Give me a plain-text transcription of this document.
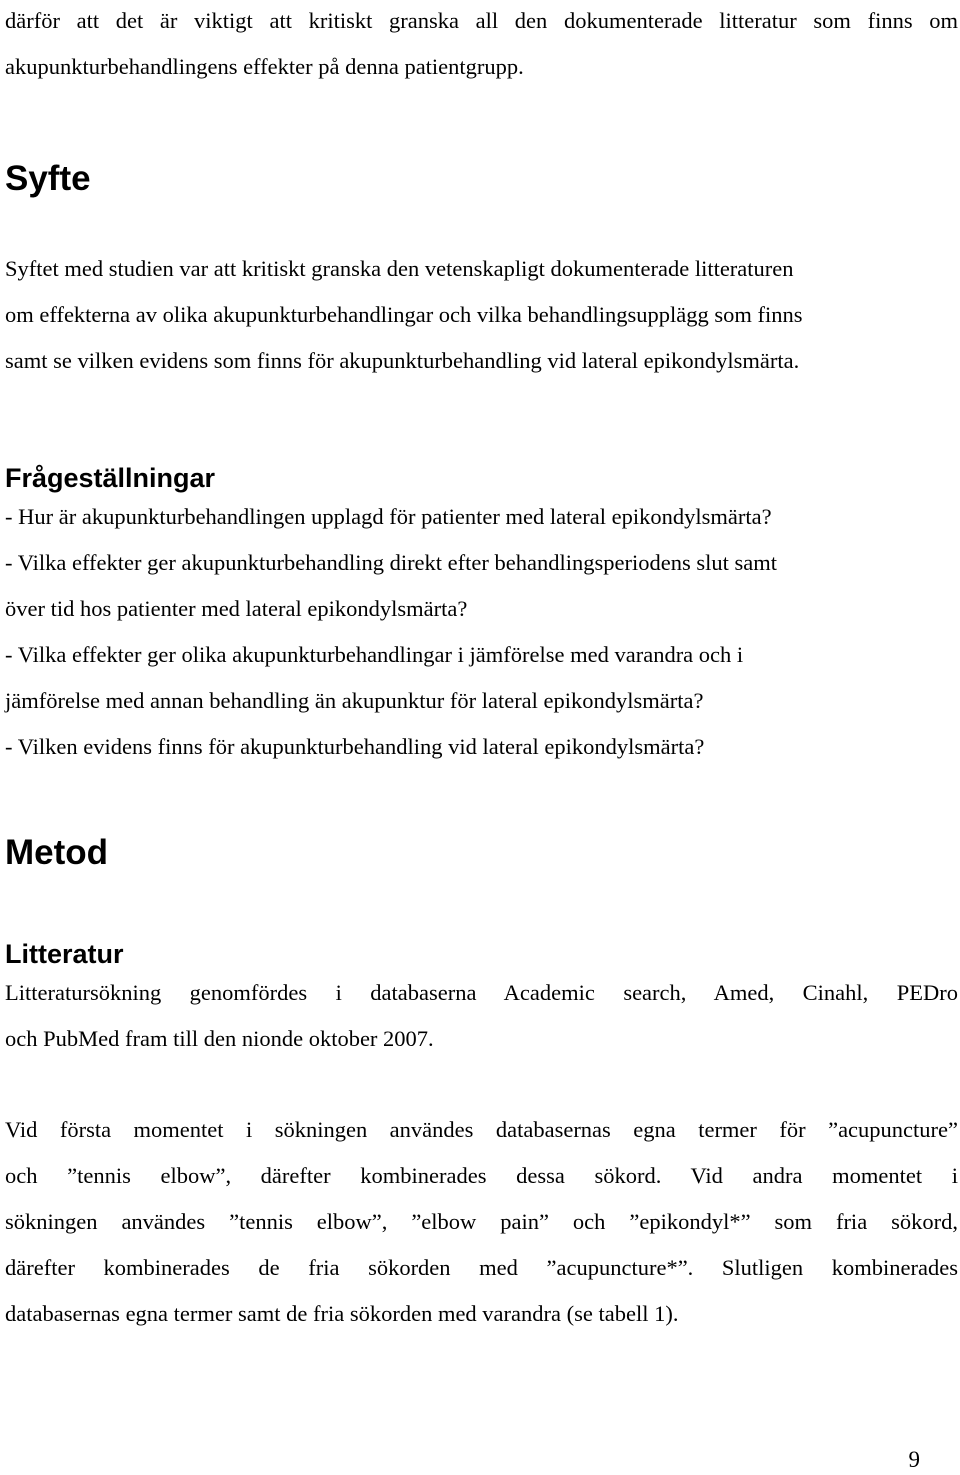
därför att det är viktigt att kritiskt granska all den dokumenterade litteratur som finns om
akupunkturbehandlingens effekter på denna patientgrupp.
Syfte
Syftet med studien var att kritiskt granska den vetenskapligt dokumenterade litteraturen
om effekterna av olika akupunkturbehandlingar och vilka behandlingsupplägg som finns
samt se vilken evidens som finns för akupunkturbehandling vid lateral epikondylsmärta.
Frågeställningar
- Hur är akupunkturbehandlingen upplagd för patienter med lateral epikondylsmärta?
- Vilka effekter ger akupunkturbehandling direkt efter behandlingsperiodens slut samt
över tid hos patienter med lateral epikondylsmärta?
- Vilka effekter ger olika akupunkturbehandlingar i jämförelse med varandra och i
jämförelse med annan behandling än akupunktur för lateral epikondylsmärta?
- Vilken evidens finns för akupunkturbehandling vid lateral epikondylsmärta?
Metod
Litteratur
Litteratursökning genomfördes i databaserna Academic search, Amed, Cinahl, PEDro
och PubMed fram till den nionde oktober 2007.
Vid första momentet i sökningen användes databasernas egna termer för ”acupuncture”
och ”tennis elbow”, därefter kombinerades dessa sökord. Vid andra momentet i
sökningen användes ”tennis elbow”, ”elbow pain” och ”epikondyl*” som fria sökord,
därefter kombinerades de fria sökorden med ”acupuncture*”. Slutligen kombinerades
databasernas egna termer samt de fria sökorden med varandra (se tabell 1).

9
